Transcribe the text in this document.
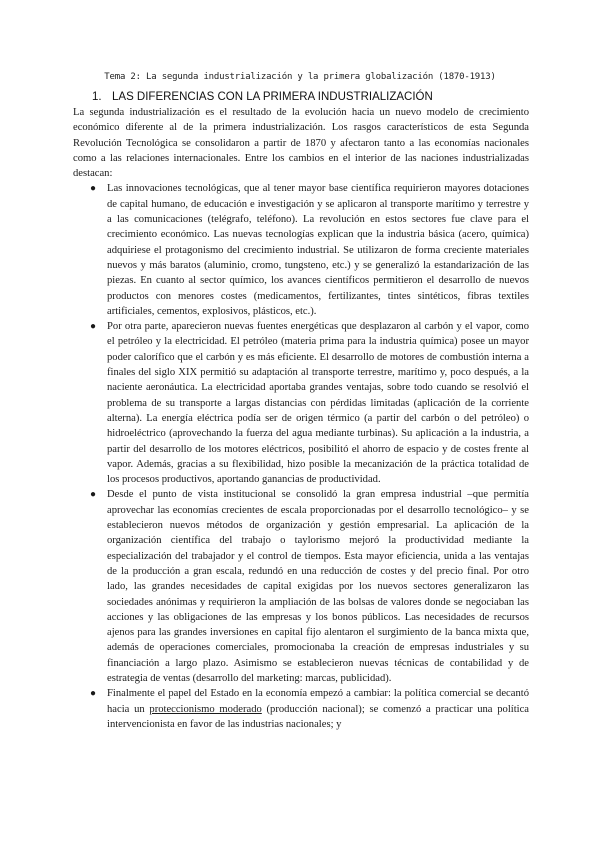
Tema 2: La segunda industrialización y la primera globalización (1870-1913)
1. LAS DIFERENCIAS CON LA PRIMERA INDUSTRIALIZACIÓN

La segunda industrialización es el resultado de la evolución hacia un nuevo modelo de crecimiento económico diferente al de la primera industrialización. Los rasgos característicos de esta Segunda Revolución Tecnológica se consolidaron a partir de 1870 y afectaron tanto a las economías nacionales como a las relaciones internacionales. Entre los cambios en el interior de las naciones industrializadas destacan:

● Las innovaciones tecnológicas, que al tener mayor base científica requirieron mayores dotaciones de capital humano, de educación e investigación y se aplicaron al transporte marítimo y terrestre y a las comunicaciones (telégrafo, teléfono). La revolución en estos sectores fue clave para el crecimiento económico. Las nuevas tecnologías explican que la industria básica (acero, química) adquiriese el protagonismo del crecimiento industrial. Se utilizaron de forma creciente materiales nuevos y más baratos (aluminio, cromo, tungsteno, etc.) y se generalizó la estandarización de las piezas. En cuanto al sector químico, los avances científicos permitieron el desarrollo de nuevos productos con menores costes (medicamentos, fertilizantes, tintes sintéticos, fibras textiles artificiales, cementos, explosivos, plásticos, etc.).
● Por otra parte, aparecieron nuevas fuentes energéticas que desplazaron al carbón y el vapor, como el petróleo y la electricidad. El petróleo (materia prima para la industria química) posee un mayor poder calorífico que el carbón y es más eficiente. El desarrollo de motores de combustión interna a finales del siglo XIX permitió su adaptación al transporte terrestre, marítimo y, poco después, a la naciente aeronáutica. La electricidad aportaba grandes ventajas, sobre todo cuando se resolvió el problema de su transporte a largas distancias con pérdidas limitadas (aplicación de la corriente alterna). La energía eléctrica podía ser de origen térmico (a partir del carbón o del petróleo) o hidroeléctrico (aprovechando la fuerza del agua mediante turbinas). Su aplicación a la industria, a partir del desarrollo de los motores eléctricos, posibilitó el ahorro de espacio y de costes frente al vapor. Además, gracias a su flexibilidad, hizo posible la mecanización de la práctica totalidad de los procesos productivos, aportando ganancias de productividad.
● Desde el punto de vista institucional se consolidó la gran empresa industrial –que permitía aprovechar las economías crecientes de escala proporcionadas por el desarrollo tecnológico– y se establecieron nuevos métodos de organización y gestión empresarial. La aplicación de la organización científica del trabajo o taylorismo mejoró la productividad mediante la especialización del trabajador y el control de tiempos. Esta mayor eficiencia, unida a las ventajas de la producción a gran escala, redundó en una reducción de costes y del precio final. Por otro lado, las grandes necesidades de capital exigidas por los nuevos sectores generalizaron las sociedades anónimas y requirieron la ampliación de las bolsas de valores donde se negociaban las acciones y las obligaciones de las empresas y los bonos públicos. Las necesidades de recursos ajenos para las grandes inversiones en capital fijo alentaron el surgimiento de la banca mixta que, además de operaciones comerciales, promocionaba la creación de empresas industriales y su financiación a largo plazo. Asimismo se establecieron nuevas técnicas de contabilidad y de estrategia de ventas (desarrollo del marketing: marcas, publicidad).
● Finalmente el papel del Estado en la economía empezó a cambiar: la política comercial se decantó hacia un proteccionismo moderado (producción nacional); se comenzó a practicar una política intervencionista en favor de las industrias nacionales; y
